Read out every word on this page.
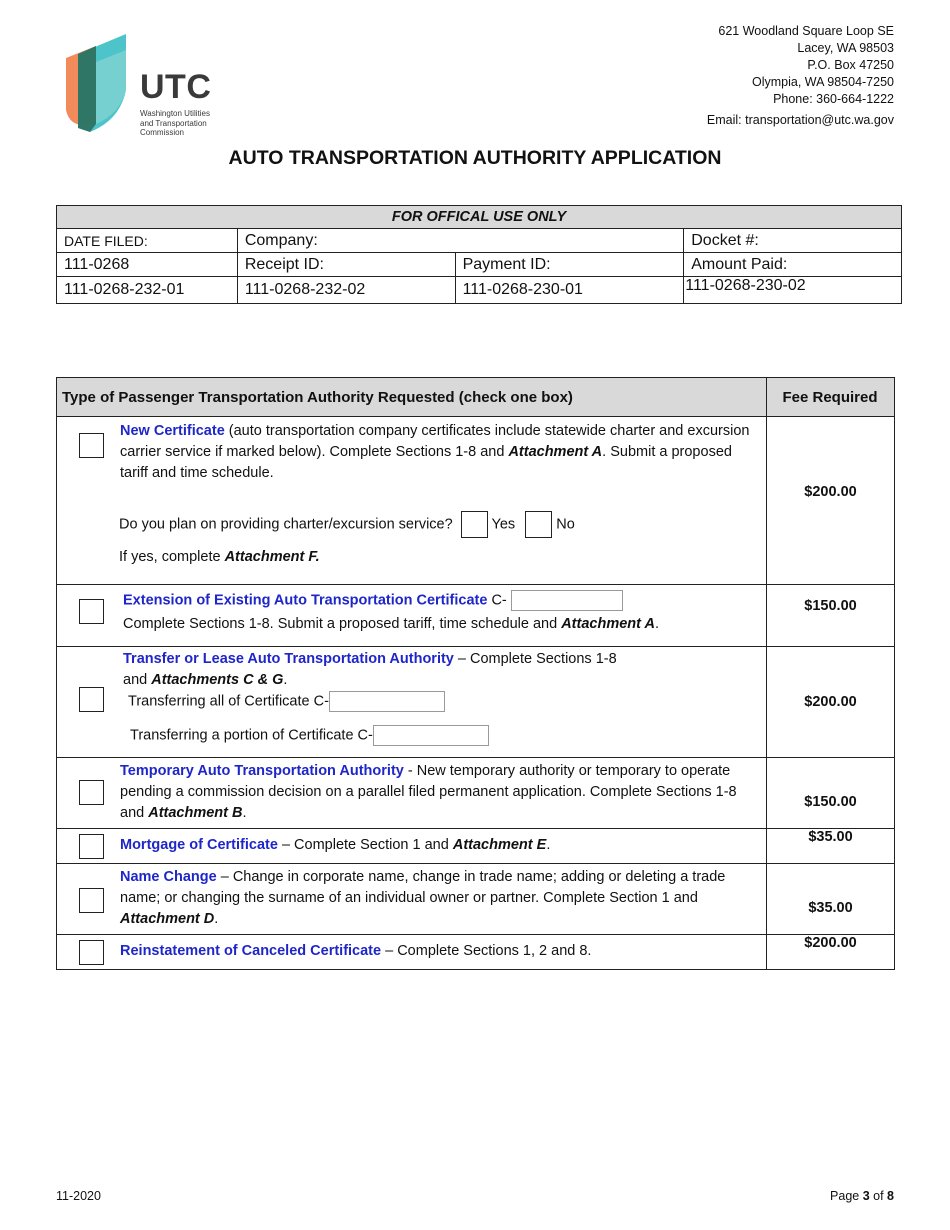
UTC
Washington Utilities
and Transportation
Commission
621 Woodland Square Loop SE
Lacey, WA 98503
P.O. Box 47250
Olympia, WA 98504-7250
Phone: 360-664-1222
Email: transportation@utc.wa.gov
AUTO TRANSPORTATION AUTHORITY APPLICATION
FOR OFFICAL USE ONLY			
DATE FILED:	Company:		Docket #:
111-0268	Receipt ID:	Payment ID:	Amount Paid:
111-0268-232-01	111-0268-232-02	111-0268-230-01	111-0268-230-02
Type of Passenger Transportation Authority Requested (check one box)	Fee Required

New Certificate (auto transportation company certificates include statewide charter and excursion carrier service if marked below). Complete Sections 1-8 and Attachment A. Submit a proposed tariff and time schedule.
Do you plan on providing charter/excursion service? Yes No
If yes, complete Attachment F.	$200.00

Extension of Existing Auto Transportation Certificate C-
Complete Sections 1-8. Submit a proposed tariff, time schedule and Attachment A.	$150.00

Transfer or Lease Auto Transportation Authority – Complete Sections 1-8
and Attachments C & G.
Transferring all of Certificate C-
Transferring a portion of Certificate C-	$200.00

Temporary Auto Transportation Authority - New temporary authority or temporary to operate pending a commission decision on a parallel filed permanent application. Complete Sections 1-8 and Attachment B.	$150.00

Mortgage of Certificate – Complete Section 1 and Attachment E.	$35.00

Name Change – Change in corporate name, change in trade name; adding or deleting a trade name; or changing the surname of an individual owner or partner. Complete Section 1 and Attachment D.	$35.00

Reinstatement of Canceled Certificate – Complete Sections 1, 2 and 8.	$200.00
11-2020	Page 3 of 8
